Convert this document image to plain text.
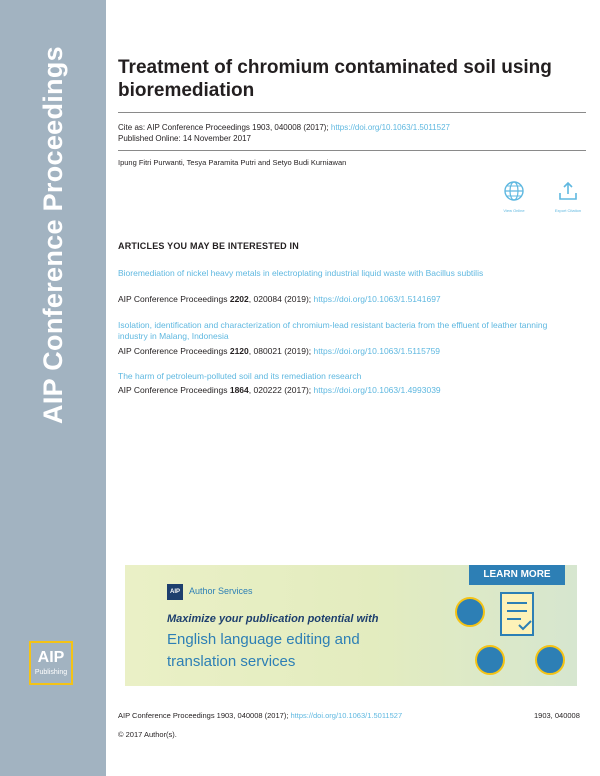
AIP Conference Proceedings
AIP
Publishing
Treatment of chromium contaminated soil using bioremediation
Cite as: AIP Conference Proceedings 1903, 040008 (2017); https://doi.org/10.1063/1.5011527
Published Online: 14 November 2017
Ipung Fitri Purwanti, Tesya Paramita Putri and Setyo Budi Kurniawan
View Online	Export Citation
ARTICLES YOU MAY BE INTERESTED IN
Bioremediation of nickel heavy metals in electroplating industrial liquid waste with Bacillus subtilis
AIP Conference Proceedings 2202, 020084 (2019); https://doi.org/10.1063/1.5141697
Isolation, identification and characterization of chromium-lead resistant bacteria from the effluent of leather tanning industry in Malang, Indonesia
AIP Conference Proceedings 2120, 080021 (2019); https://doi.org/10.1063/1.5115759
The harm of petroleum-polluted soil and its remediation research
AIP Conference Proceedings 1864, 020222 (2017); https://doi.org/10.1063/1.4993039
LEARN MORE
AIP	Author Services
Maximize your publication potential with
English language editing and
translation services
AIP Conference Proceedings 1903, 040008 (2017); https://doi.org/10.1063/1.5011527	1903, 040008
© 2017 Author(s).
